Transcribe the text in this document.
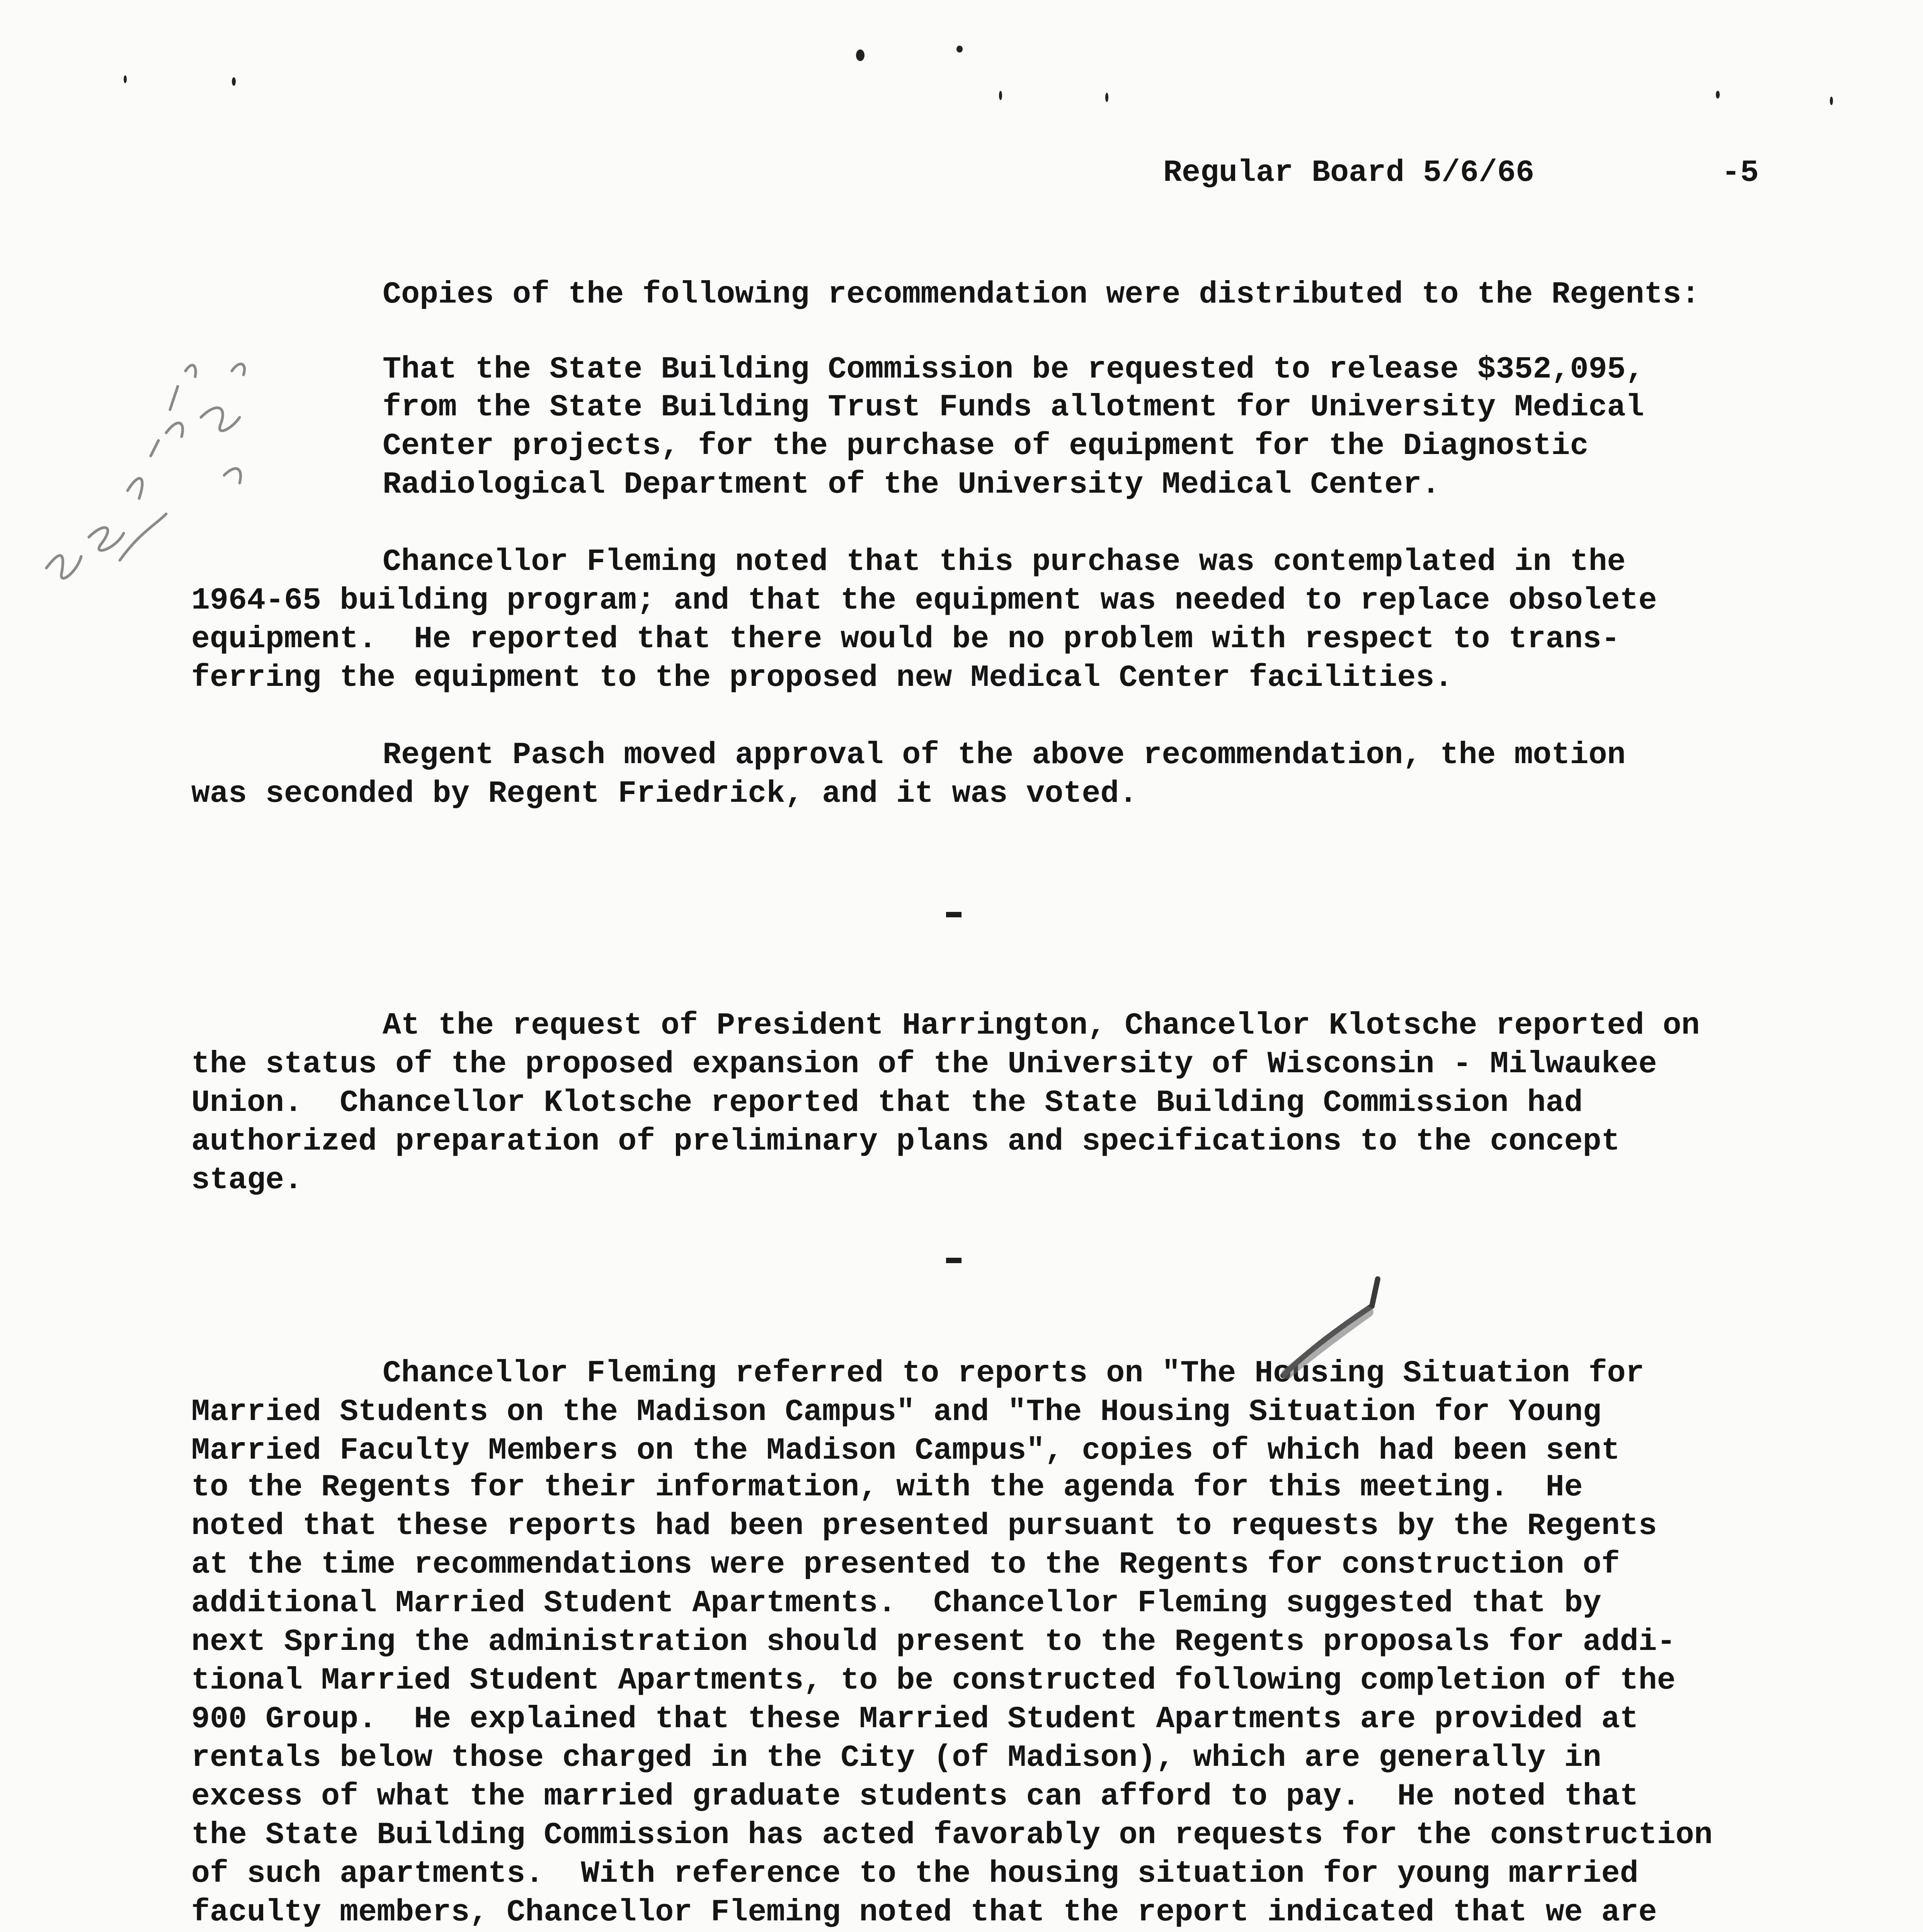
Regular Board 5/6/66	-5
Copies of the following recommendation were distributed to the Regents:
That the State Building Commission be requested to release $352,095,
from the State Building Trust Funds allotment for University Medical
Center projects, for the purchase of equipment for the Diagnostic
Radiological Department of the University Medical Center.
Chancellor Fleming noted that this purchase was contemplated in the
1964-65 building program; and that the equipment was needed to replace obsolete
equipment.  He reported that there would be no problem with respect to trans-
ferring the equipment to the proposed new Medical Center facilities.
Regent Pasch moved approval of the above recommendation, the motion
was seconded by Regent Friedrick, and it was voted.
At the request of President Harrington, Chancellor Klotsche reported on
the status of the proposed expansion of the University of Wisconsin - Milwaukee
Union.  Chancellor Klotsche reported that the State Building Commission had
authorized preparation of preliminary plans and specifications to the concept
stage.
Chancellor Fleming referred to reports on "The Housing Situation for
Married Students on the Madison Campus" and "The Housing Situation for Young
Married Faculty Members on the Madison Campus", copies of which had been sent
to the Regents for their information, with the agenda for this meeting.  He
noted that these reports had been presented pursuant to requests by the Regents
at the time recommendations were presented to the Regents for construction of
additional Married Student Apartments.  Chancellor Fleming suggested that by
next Spring the administration should present to the Regents proposals for addi-
tional Married Student Apartments, to be constructed following completion of the
900 Group.  He explained that these Married Student Apartments are provided at
rentals below those charged in the City (of Madison), which are generally in
excess of what the married graduate students can afford to pay.  He noted that
the State Building Commission has acted favorably on requests for the construction
of such apartments.  With reference to the housing situation for young married
faculty members, Chancellor Fleming noted that the report indicated that we are
